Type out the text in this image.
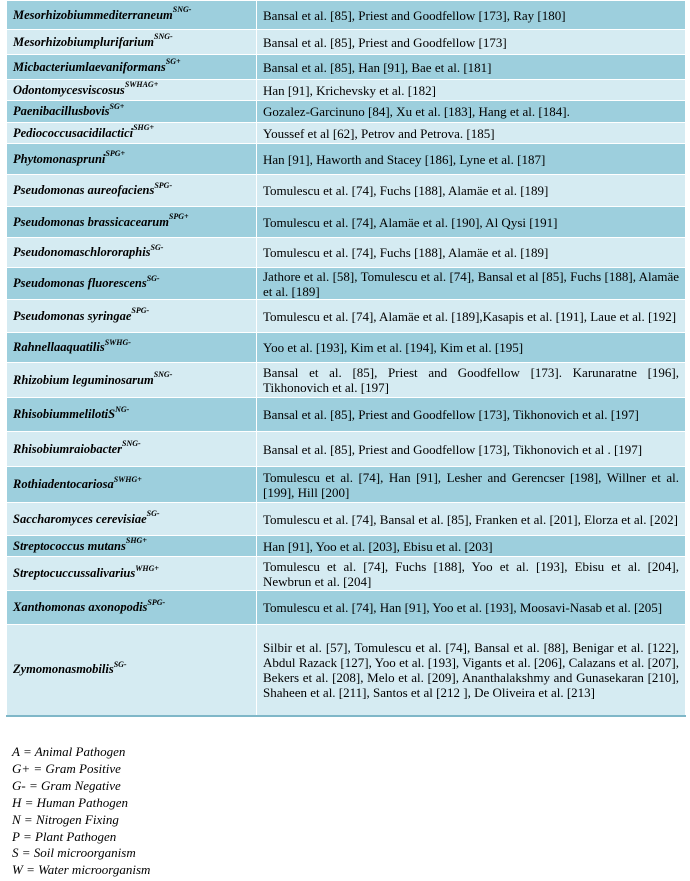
Mesorhizobiummediterraneum$^{SNG-}$	Bansal et al. [85], Priest and Goodfellow [173], Ray [180]
Mesorhizobiumplurifarium$^{SNG-}$	Bansal et al. [85], Priest and Goodfellow [173]
Micbacteriumlaevaniformans$^{SG+}$	Bansal et al. [85], Han [91], Bae et al. [181]
Odontomycesviscosus$^{SWHAG+}$	Han [91], Krichevsky et al. [182]
Paenibacillusbovis$^{SG+}$	Gozalez-Garcinuno [84], Xu et al. [183], Hang et al. [184].
Pediococcusacidilactici$^{SHG+}$	Youssef et al [62], Petrov and Petrova. [185]
Phytomonaspruni$^{SPG+}$	Han [91], Haworth and Stacey [186], Lyne et al. [187]
Pseudomonas aureofaciens$^{SPG-}$	Tomulescu et al. [74], Fuchs [188], Alamäe et al. [189]
Pseudomonas brassicacearum$^{SPG+}$	Tomulescu et al. [74], Alamäe et al. [190], Al Qysi [191]
Pseudonomaschlororaphis$^{SG-}$	Tomulescu et al. [74], Fuchs [188], Alamäe et al. [189]
Pseudomonas fluorescens$^{SG-}$	Jathore et al. [58], Tomulescu et al. [74], Bansal et al [85], Fuchs [188], Alamäe et al. [189]
Pseudomonas syringae$^{SPG-}$	Tomulescu et al. [74], Alamäe et al. [189],Kasapis et al. [191], Laue et al. [192]
Rahnellaaquatilis$^{SWHG-}$	Yoo et al. [193], Kim et al. [194], Kim et al. [195]
Rhizobium leguminosarum$^{SNG-}$	Bansal et al. [85], Priest and Goodfellow [173]. Karunaratne [196], Tikhonovich et al. [197]
RhisobiummelilotiS$^{NG-}$	Bansal et al. [85], Priest and Goodfellow [173], Tikhonovich et al. [197]
Rhisobiumraiobacter$^{SNG-}$	Bansal et al. [85], Priest and Goodfellow [173], Tikhonovich et al . [197]
Rothiadentocariosa$^{SWHG+}$	Tomulescu et al. [74], Han [91], Lesher and Gerencser [198], Willner et al. [199], Hill [200]
Saccharomyces cerevisiae$^{SG-}$	Tomulescu et al. [74], Bansal et al. [85], Franken et al. [201], Elorza et al. [202]
Streptococcus mutans$^{SHG+}$	Han [91], Yoo et al. [203], Ebisu et al. [203]
Streptocuccussalivarius$^{WHG+}$	Tomulescu et al. [74], Fuchs [188], Yoo et al. [193], Ebisu et al. [204], Newbrun et al. [204]
Xanthomonas axonopodis$^{SPG-}$	Tomulescu et al. [74], Han [91], Yoo et al. [193], Moosavi-Nasab et al. [205]
Zymomonasmobilis$^{SG-}$	Silbir et al. [57], Tomulescu et al. [74], Bansal et al. [88], Benigar et al. [122], Abdul Razack [127], Yoo et al. [193], Vigants et al. [206], Calazans et al. [207], Bekers et al. [208], Melo et al. [209], Ananthalakshmy and Gunasekaran [210], Shaheen et al. [211], Santos et al [212 ], De Oliveira et al. [213]
A = Animal Pathogen
G+ = Gram Positive
G- = Gram Negative
H = Human Pathogen
N = Nitrogen Fixing
P = Plant Pathogen
S = Soil microorganism
W = Water microorganism
